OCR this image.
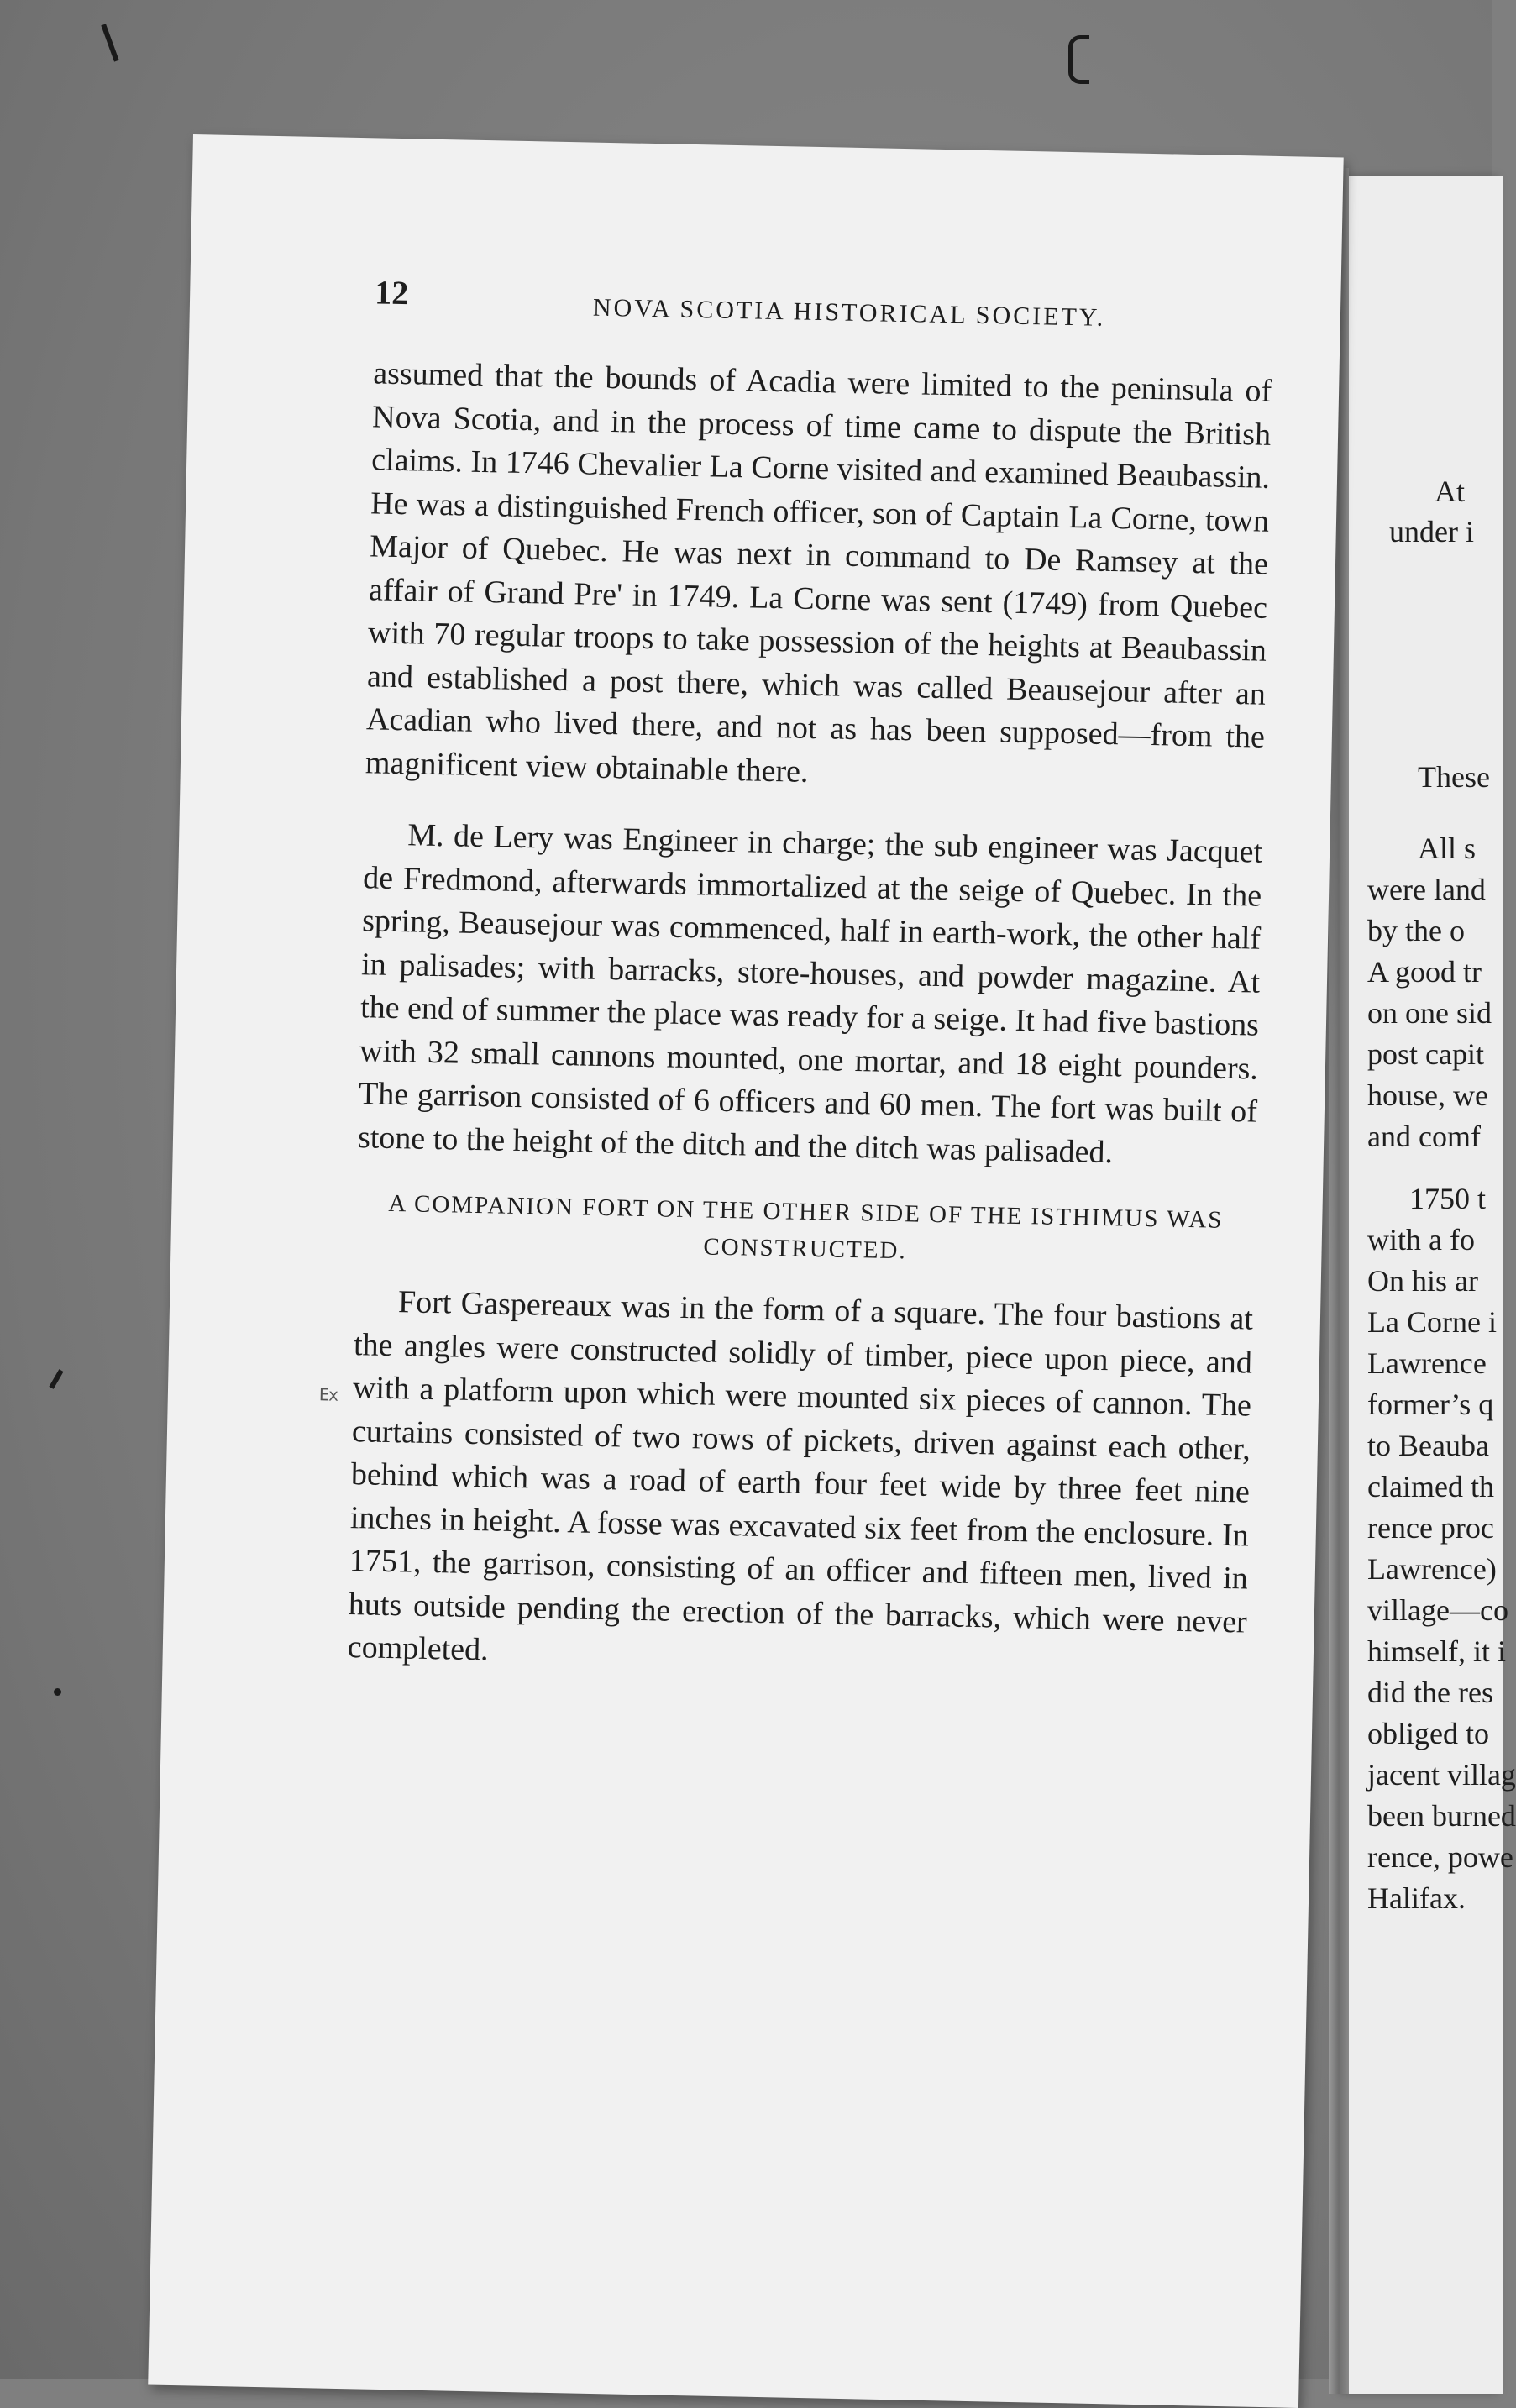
At
under i
These
All s
were land
by the o
A good tr
on one sid
post capit
house, we
and comf
1750 t
with a fo
On his ar
La Corne i
Lawrence
former’s q
to Beauba
claimed th
rence proc
Lawrence)
village—co
himself, it i
did the res
obliged to
jacent villag
been burned
rence, powe
Halifax.
12
NOVA SCOTIA HISTORICAL SOCIETY.

assumed that the bounds of Acadia were limited to the peninsula of Nova Scotia, and in the process of time came to dispute the British claims. In 1746 Chevalier La Corne visited and examined Beaubassin. He was a distinguished French officer, son of Captain La Corne, town Major of Quebec. He was next in command to De Ramsey at the affair of Grand Pre' in 1749. La Corne was sent (1749) from Quebec with 70 regular troops to take possession of the heights at Beaubassin and established a post there, which was called Beausejour after an Acadian who lived there, and not as has been supposed—from the magnificent view obtainable there.

M. de Lery was Engineer in charge; the sub engineer was Jacquet de Fredmond, afterwards immortalized at the seige of Quebec. In the spring, Beausejour was commenced, half in earth-work, the other half in palisades; with barracks, store-houses, and powder magazine. At the end of summer the place was ready for a seige. It had five bastions with 32 small cannons mounted, one mortar, and 18 eight pounders. The garrison consisted of 6 officers and 60 men. The fort was built of stone to the height of the ditch and the ditch was palisaded.

A COMPANION FORT ON THE OTHER SIDE OF THE ISTHIMUS WAS CONSTRUCTED.

Fort Gaspereaux was in the form of a square. The four bastions at the angles were constructed solidly of timber, piece upon piece, and with a platform upon which were mounted six pieces of cannon. The curtains consisted of two rows of pickets, driven against each other, behind which was a road of earth four feet wide by three feet nine inches in height. A fosse was excavated six feet from the enclosure. In 1751, the garrison, consisting of an officer and fifteen men, lived in huts outside pending the erection of the barracks, which were never completed.

Ex
